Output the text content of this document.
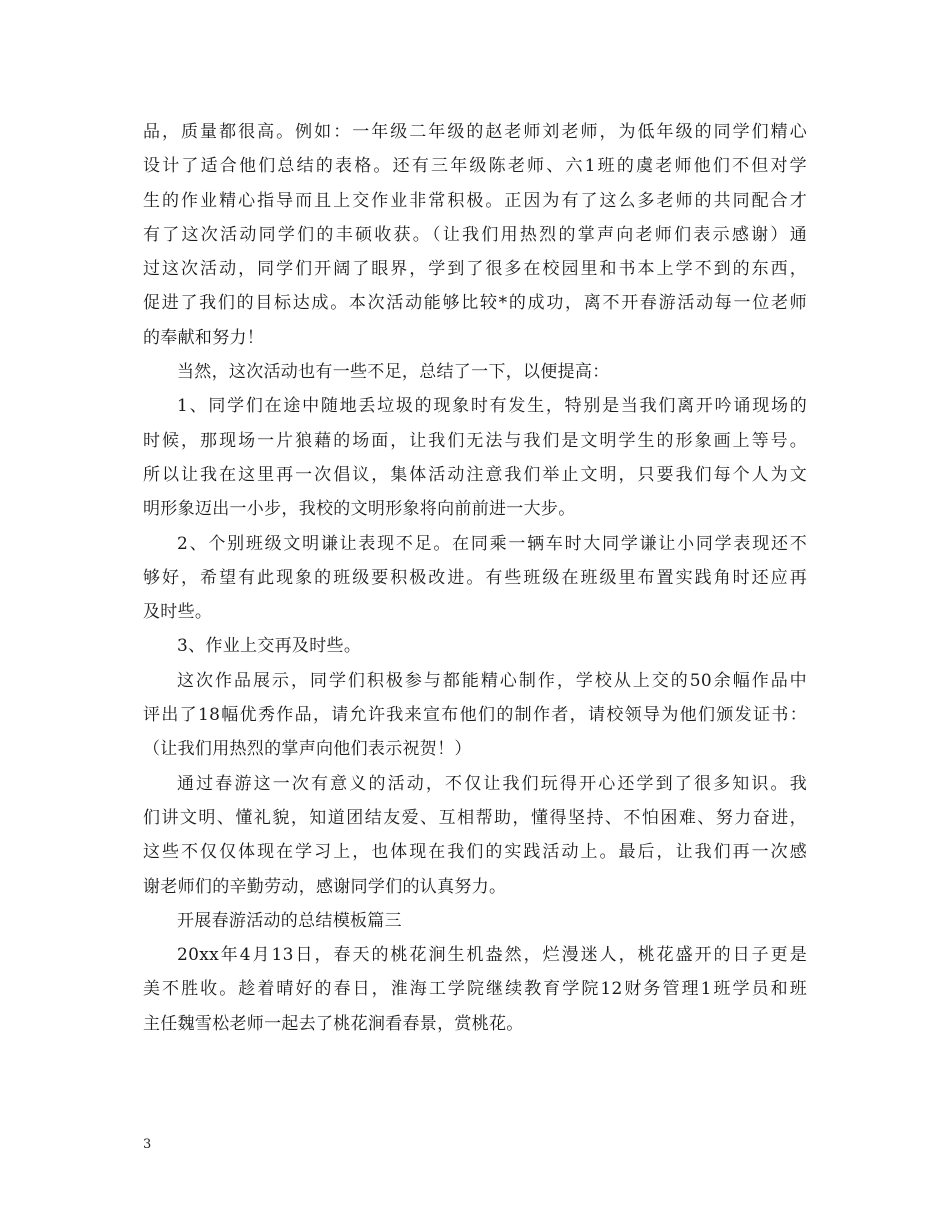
品，质量都很高。例如：一年级二年级的赵老师刘老师，为低年级的同学们精心
设计了适合他们总结的表格。还有三年级陈老师、六1班的虞老师他们不但对学
生的作业精心指导而且上交作业非常积极。正因为有了这么多老师的共同配合才
有了这次活动同学们的丰硕收获。（让我们用热烈的掌声向老师们表示感谢）通
过这次活动，同学们开阔了眼界，学到了很多在校园里和书本上学不到的东西，
促进了我们的目标达成。本次活动能够比较*的成功，离不开春游活动每一位老师
的奉献和努力！
当然，这次活动也有一些不足，总结了一下，以便提高：
1、同学们在途中随地丢垃圾的现象时有发生，特别是当我们离开吟诵现场的
时候，那现场一片狼藉的场面，让我们无法与我们是文明学生的形象画上等号。
所以让我在这里再一次倡议，集体活动注意我们举止文明，只要我们每个人为文
明形象迈出一小步，我校的文明形象将向前前进一大步。
2、个别班级文明谦让表现不足。在同乘一辆车时大同学谦让小同学表现还不
够好，希望有此现象的班级要积极改进。有些班级在班级里布置实践角时还应再
及时些。
3、作业上交再及时些。
这次作品展示，同学们积极参与都能精心制作，学校从上交的50余幅作品中
评出了18幅优秀作品，请允许我来宣布他们的制作者，请校领导为他们颁发证书：
（让我们用热烈的掌声向他们表示祝贺！）
通过春游这一次有意义的活动，不仅让我们玩得开心还学到了很多知识。我
们讲文明、懂礼貌，知道团结友爱、互相帮助，懂得坚持、不怕困难、努力奋进，
这些不仅仅体现在学习上，也体现在我们的实践活动上。最后，让我们再一次感
谢老师们的辛勤劳动，感谢同学们的认真努力。
开展春游活动的总结模板篇三
20xx年4月13日，春天的桃花涧生机盎然，烂漫迷人，桃花盛开的日子更是
美不胜收。趁着晴好的春日，淮海工学院继续教育学院12财务管理1班学员和班
主任魏雪松老师一起去了桃花涧看春景，赏桃花。
3
